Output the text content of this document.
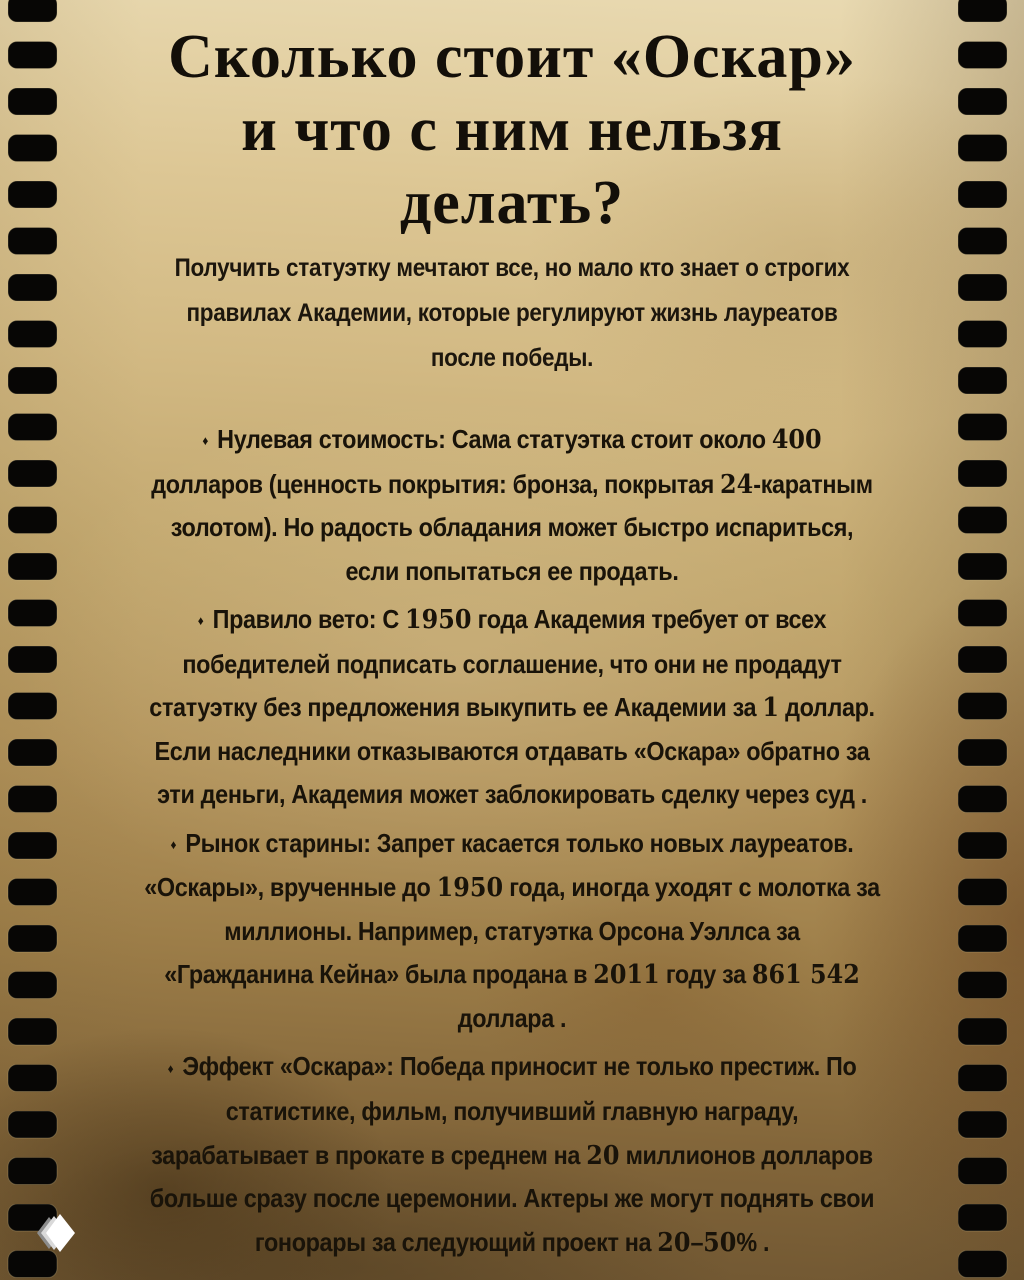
Сколько стоит «Оскар»
и что с ним нельзя
делать?
Получить статуэтку мечтают все, но мало кто знает о строгих
правилах Академии, которые регулируют жизнь лауреатов
после победы.
♦ Нулевая стоимость: Сама статуэтка стоит около 400
долларов (ценность покрытия: бронза, покрытая 24-каратным
золотом). Но радость обладания может быстро испариться,
если попытаться ее продать.
♦ Правило вето: С 1950 года Академия требует от всех
победителей подписать соглашение, что они не продадут
статуэтку без предложения выкупить ее Академии за 1 доллар.
Если наследники отказываются отдавать «Оскара» обратно за
эти деньги, Академия может заблокировать сделку через суд .
♦ Рынок старины: Запрет касается только новых лауреатов.
«Оскары», врученные до 1950 года, иногда уходят с молотка за
миллионы. Например, статуэтка Орсона Уэллса за
«Гражданина Кейна» была продана в 2011 году за 861 542
доллара .
♦ Эффект «Оскара»: Победа приносит не только престиж. По
статистике, фильм, получивший главную награду,
зарабатывает в прокате в среднем на 20 миллионов долларов
больше сразу после церемонии. Актеры же могут поднять свои
гонорары за следующий проект на 20–50% .
